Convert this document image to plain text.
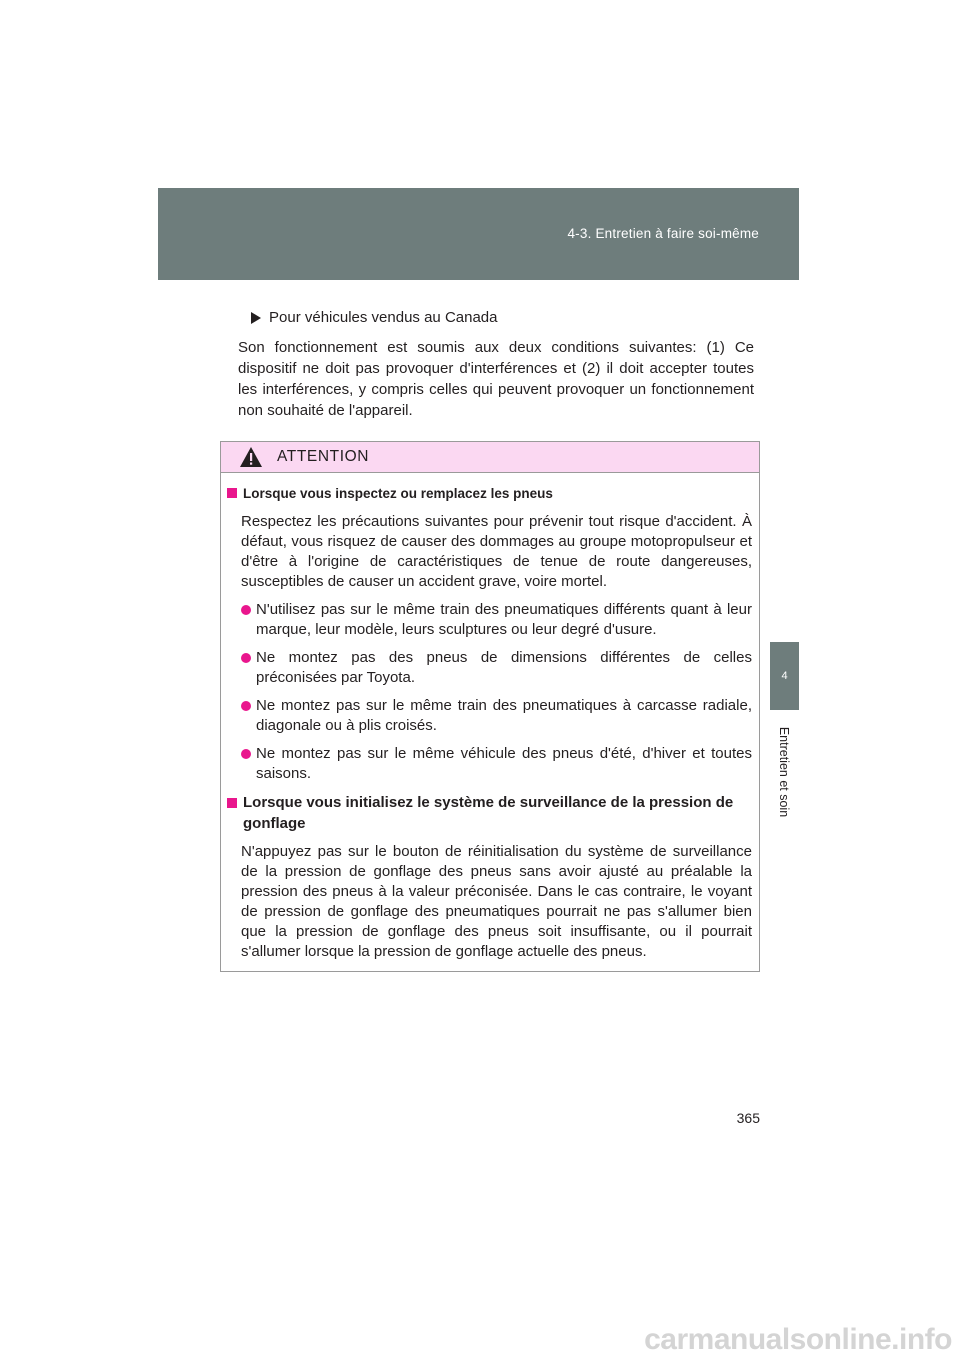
4-3. Entretien à faire soi-même
4
Entretien et soin
Pour véhicules vendus au Canada

Son fonctionnement est soumis aux deux conditions suivantes: (1) Ce dispositif ne doit pas provoquer d'interférences et (2) il doit accepter toutes les interférences, y compris celles qui peuvent provoquer un fonctionnement non souhaité de l'appareil.

ATTENTION
Lorsque vous inspectez ou remplacez les pneus
Respectez les précautions suivantes pour prévenir tout risque d'accident. À défaut, vous risquez de causer des dommages au groupe motopropulseur et d'être à l'origine de caractéristiques de tenue de route dangereuses, susceptibles de causer un accident grave, voire mortel.
N'utilisez pas sur le même train des pneumatiques différents quant à leur marque, leur modèle, leurs sculptures ou leur degré d'usure.
Ne montez pas des pneus de dimensions différentes de celles préconisées par Toyota.
Ne montez pas sur le même train des pneumatiques à carcasse radiale, diagonale ou à plis croisés.
Ne montez pas sur le même véhicule des pneus d'été, d'hiver et toutes saisons.
Lorsque vous initialisez le système de surveillance de la pression de gonflage
N'appuyez pas sur le bouton de réinitialisation du système de surveillance de la pression de gonflage des pneus sans avoir ajusté au préalable la pression des pneus à la valeur préconisée. Dans le cas contraire, le voyant de pression de gonflage des pneumatiques pourrait ne pas s'allumer bien que la pression de gonflage des pneus soit insuffisante, ou il pourrait s'allumer lorsque la pression de gonflage actuelle des pneus.
365
carmanualsonline.info
